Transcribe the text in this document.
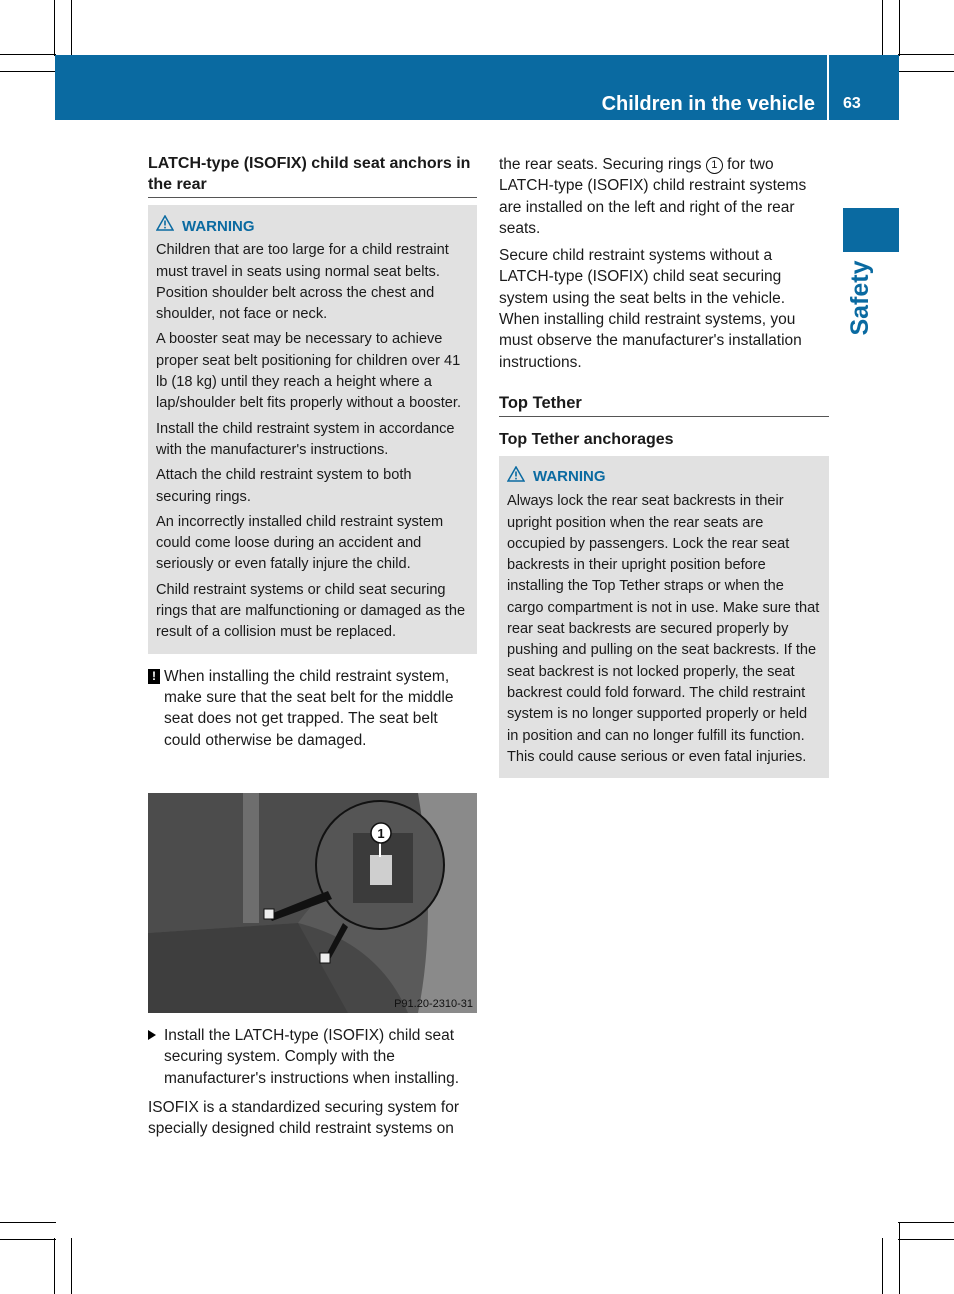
Children in the vehicle 63
Safety
LATCH-type (ISOFIX) child seat anchors in the rear
WARNING

Children that are too large for a child restraint must travel in seats using normal seat belts. Position shoulder belt across the chest and shoulder, not face or neck.

A booster seat may be necessary to achieve proper seat belt positioning for children over 41 lb (18 kg) until they reach a height where a lap/shoulder belt fits properly without a booster.

Install the child restraint system in accordance with the manufacturer's instructions.

Attach the child restraint system to both securing rings.

An incorrectly installed child restraint system could come loose during an accident and seriously or even fatally injure the child.

Child restraint systems or child seat securing rings that are malfunctioning or damaged as the result of a collision must be replaced.

! When installing the child restraint system, make sure that the seat belt for the middle seat does not get trapped. The seat belt could otherwise be damaged.
1
P91.20-2310-31
Install the LATCH-type (ISOFIX) child seat securing system. Comply with the manufacturer's instructions when installing.

ISOFIX is a standardized securing system for specially designed child restraint systems on

the rear seats. Securing rings 1 for two LATCH-type (ISOFIX) child restraint systems are installed on the left and right of the rear seats.

Secure child restraint systems without a LATCH-type (ISOFIX) child seat securing system using the seat belts in the vehicle. When installing child restraint systems, you must observe the manufacturer's installation instructions.

Top Tether
Top Tether anchorages
WARNING

Always lock the rear seat backrests in their upright position when the rear seats are occupied by passengers. Lock the rear seat backrests in their upright position before installing the Top Tether straps or when the cargo compartment is not in use. Make sure that rear seat backrests are secured properly by pushing and pulling on the seat backrests. If the seat backrest is not locked properly, the seat backrest could fold forward. The child restraint system is no longer supported properly or held in position and can no longer fulfill its function. This could cause serious or even fatal injuries.
